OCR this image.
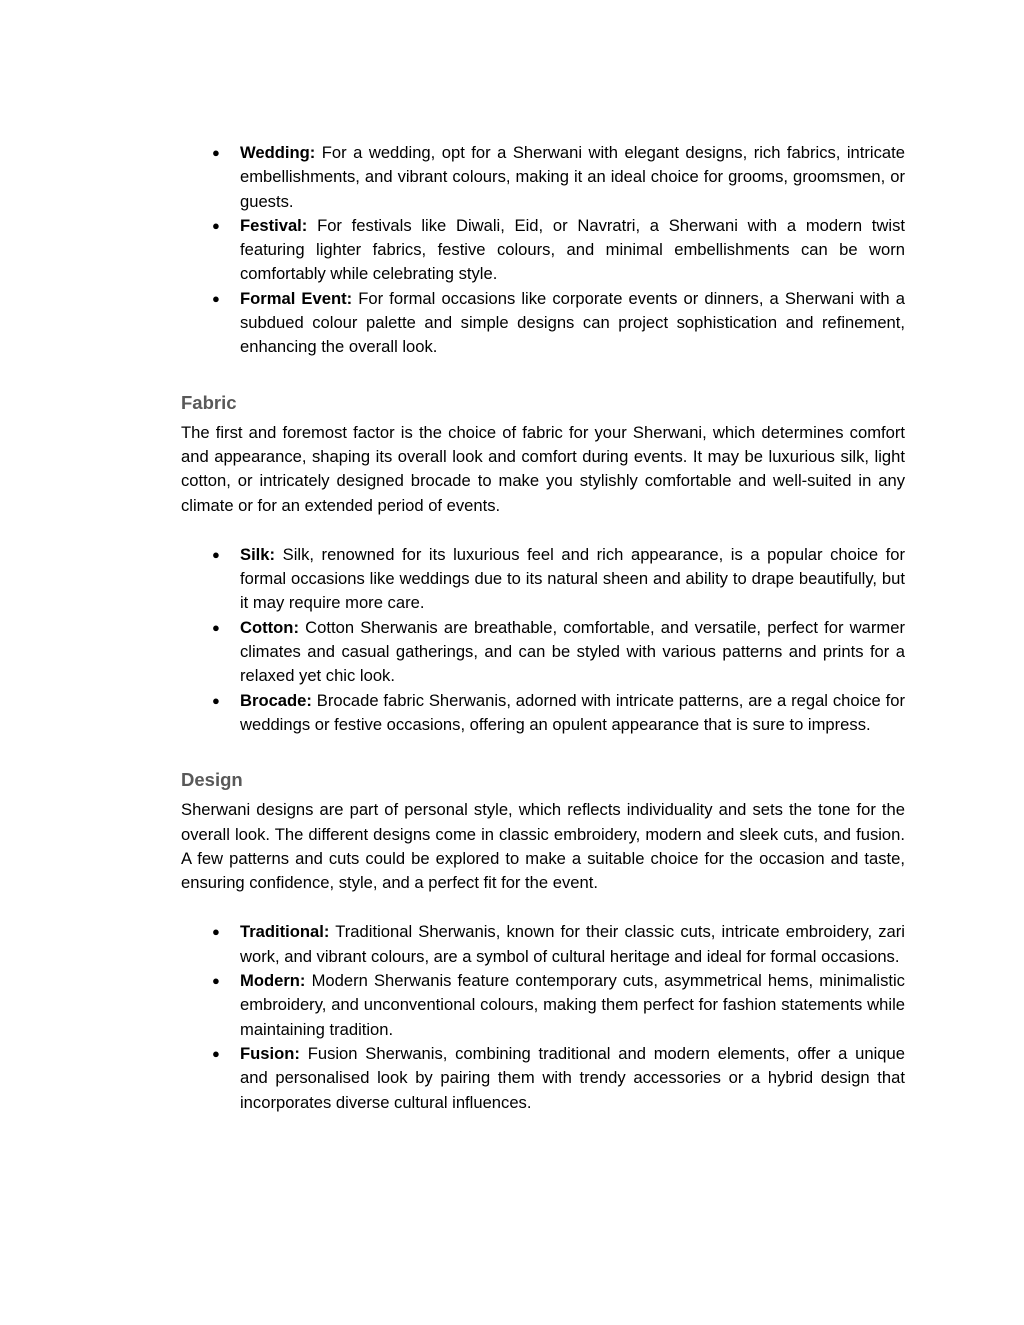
● Wedding: For a wedding, opt for a Sherwani with elegant designs, rich fabrics, intricate embellishments, and vibrant colours, making it an ideal choice for grooms, groomsmen, or guests.
● Festival: For festivals like Diwali, Eid, or Navratri, a Sherwani with a modern twist featuring lighter fabrics, festive colours, and minimal embellishments can be worn comfortably while celebrating style.
● Formal Event: For formal occasions like corporate events or dinners, a Sherwani with a subdued colour palette and simple designs can project sophistication and refinement, enhancing the overall look.
Fabric

The first and foremost factor is the choice of fabric for your Sherwani, which determines comfort and appearance, shaping its overall look and comfort during events. It may be luxurious silk, light cotton, or intricately designed brocade to make you stylishly comfortable and well-suited in any climate or for an extended period of events.

● Silk: Silk, renowned for its luxurious feel and rich appearance, is a popular choice for formal occasions like weddings due to its natural sheen and ability to drape beautifully, but it may require more care.
● Cotton: Cotton Sherwanis are breathable, comfortable, and versatile, perfect for warmer climates and casual gatherings, and can be styled with various patterns and prints for a relaxed yet chic look.
● Brocade: Brocade fabric Sherwanis, adorned with intricate patterns, are a regal choice for weddings or festive occasions, offering an opulent appearance that is sure to impress.
Design

Sherwani designs are part of personal style, which reflects individuality and sets the tone for the overall look. The different designs come in classic embroidery, modern and sleek cuts, and fusion. A few patterns and cuts could be explored to make a suitable choice for the occasion and taste, ensuring confidence, style, and a perfect fit for the event.

● Traditional: Traditional Sherwanis, known for their classic cuts, intricate embroidery, zari work, and vibrant colours, are a symbol of cultural heritage and ideal for formal occasions.
● Modern: Modern Sherwanis feature contemporary cuts, asymmetrical hems, minimalistic embroidery, and unconventional colours, making them perfect for fashion statements while maintaining tradition.
● Fusion: Fusion Sherwanis, combining traditional and modern elements, offer a unique and personalised look by pairing them with trendy accessories or a hybrid design that incorporates diverse cultural influences.
